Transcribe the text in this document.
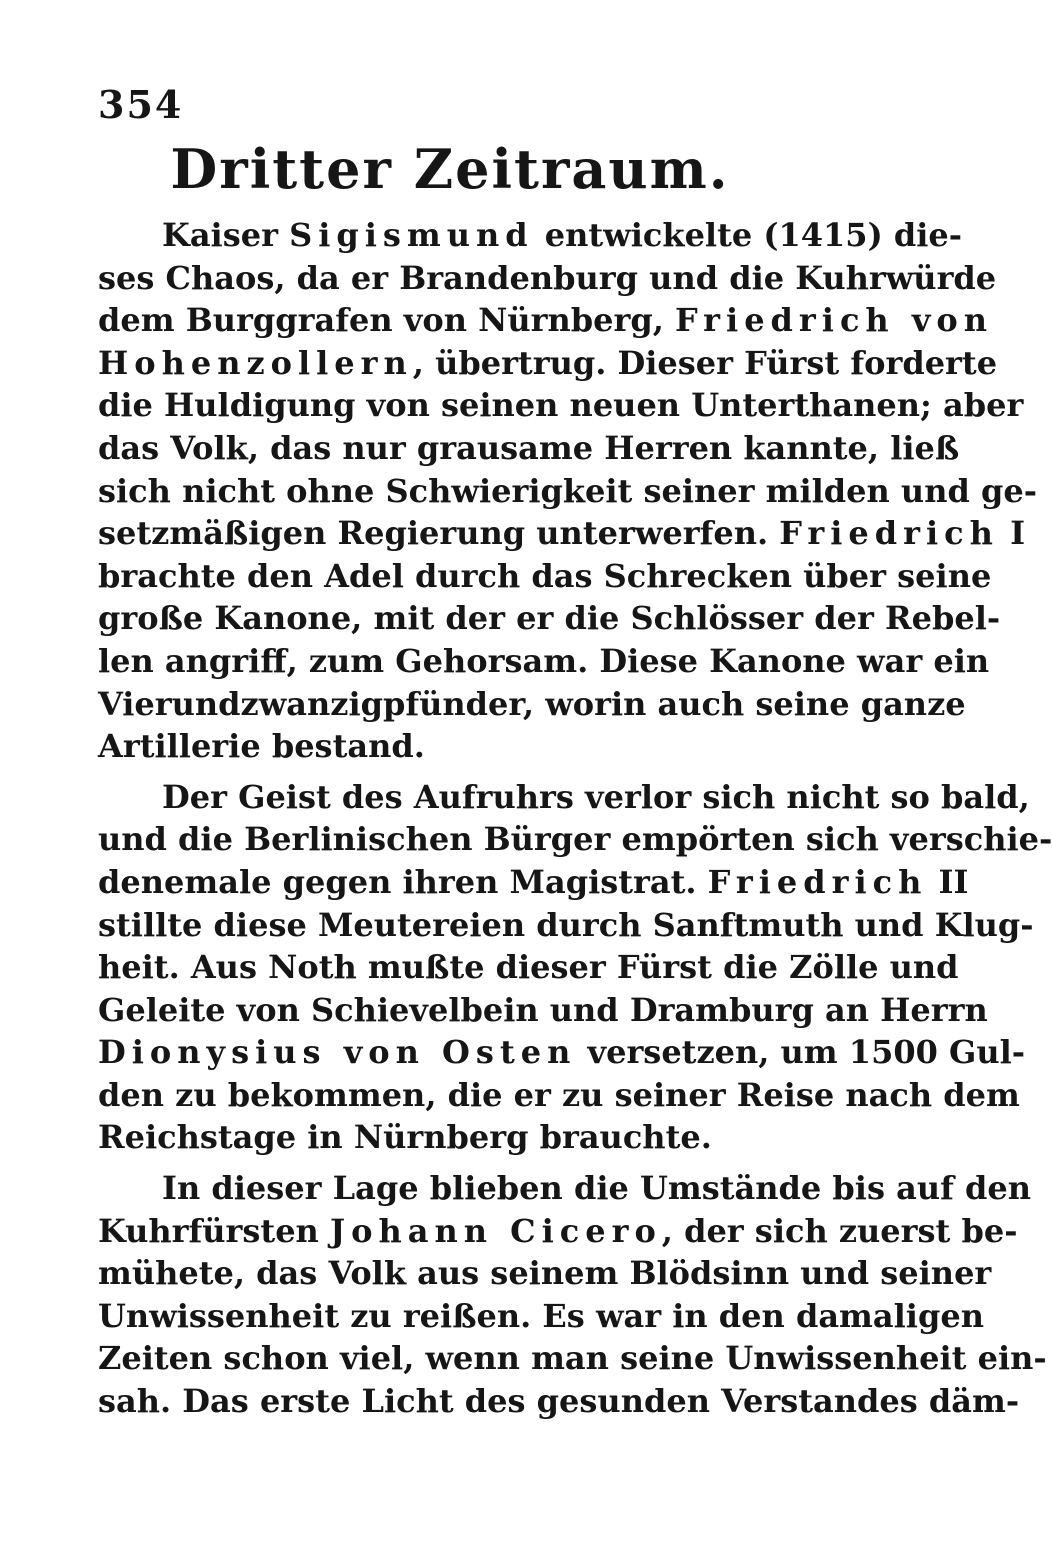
354
Dritter Zeitraum.
Kaiser Sigismund entwickelte (1415) die-
ses Chaos, da er Brandenburg und die Kuhrwürde
dem Burggrafen von Nürnberg, Friedrich von
Hohenzollern, übertrug. Dieser Fürst forderte
die Huldigung von seinen neuen Unterthanen; aber
das Volk, das nur grausame Herren kannte, ließ
sich nicht ohne Schwierigkeit seiner milden und ge-
setzmäßigen Regierung unterwerfen. Friedrich I
brachte den Adel durch das Schrecken über seine
große Kanone, mit der er die Schlösser der Rebel-
len angriff, zum Gehorsam. Diese Kanone war ein
Vierundzwanzigpfünder, worin auch seine ganze
Artillerie bestand.
Der Geist des Aufruhrs verlor sich nicht so bald,
und die Berlinischen Bürger empörten sich verschie-
denemale gegen ihren Magistrat. Friedrich II
stillte diese Meutereien durch Sanftmuth und Klug-
heit. Aus Noth mußte dieser Fürst die Zölle und
Geleite von Schievelbein und Dramburg an Herrn
Dionysius von Osten versetzen, um 1500 Gul-
den zu bekommen, die er zu seiner Reise nach dem
Reichstage in Nürnberg brauchte.
In dieser Lage blieben die Umstände bis auf den
Kuhrfürsten Johann Cicero, der sich zuerst be-
mühete, das Volk aus seinem Blödsinn und seiner
Unwissenheit zu reißen. Es war in den damaligen
Zeiten schon viel, wenn man seine Unwissenheit ein-
sah. Das erste Licht des gesunden Verstandes däm-
